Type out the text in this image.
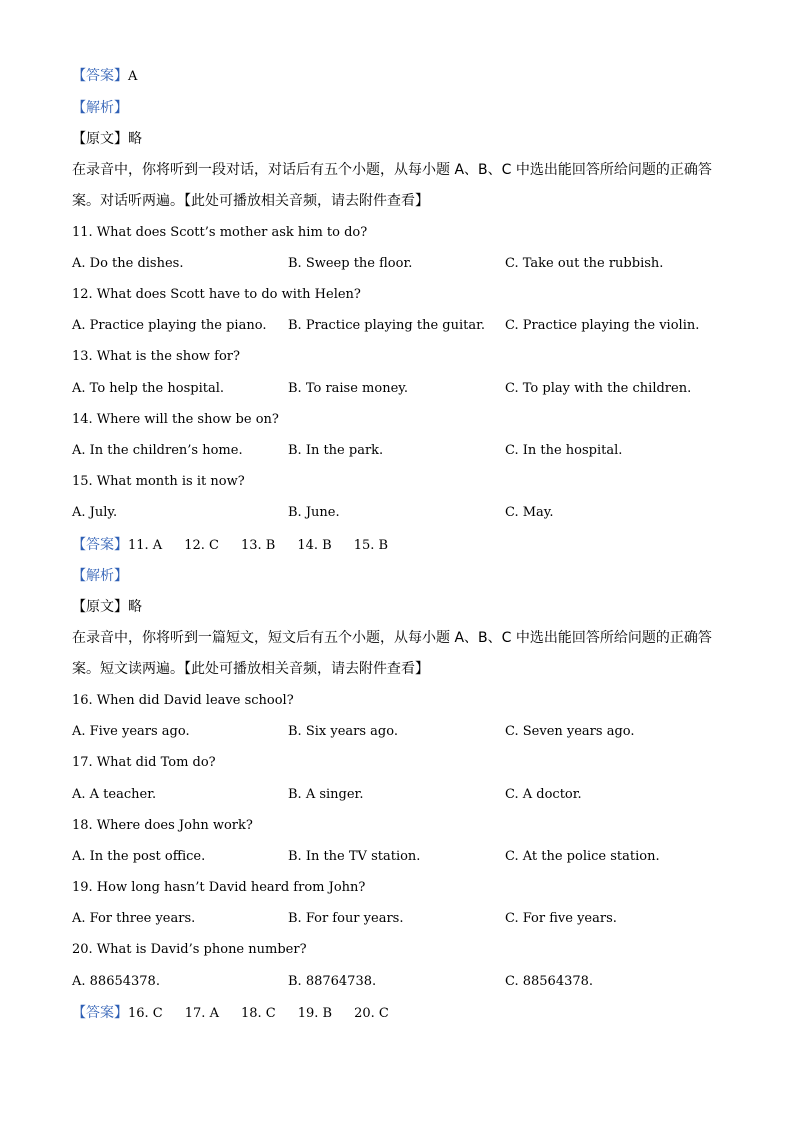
【答案】A
【解析】
【原文】略
在录音中，你将听到一段对话，对话后有五个小题，从每小题 A、B、C 中选出能回答所给问题的正确答
案。对话听两遍。【此处可播放相关音频，请去附件查看】
11. What does Scott’s mother ask him to do?
A. Do the dishes.	B. Sweep the floor.	C. Take out the rubbish.
12. What does Scott have to do with Helen?
A. Practice playing the piano. B. Practice playing the guitar. C. Practice playing the violin.
13. What is the show for?
A. To help the hospital.	B. To raise money.	C. To play with the children.
14. Where will the show be on?
A. In the children’s home.	B. In the park.	C. In the hospital.
15. What month is it now?
A. July.	B. June.	C. May.
【答案】11. A 12. C 13. B 14. B 15. B
【解析】
【原文】略
在录音中，你将听到一篇短文，短文后有五个小题，从每小题 A、B、C 中选出能回答所给问题的正确答
案。短文读两遍。【此处可播放相关音频，请去附件查看】
16. When did David leave school?
A. Five years ago.	B. Six years ago.	C. Seven years ago.
17. What did Tom do?
A. A teacher.	B. A singer.	C. A doctor.
18. Where does John work?
A. In the post office.	B. In the TV station.	C. At the police station.
19. How long hasn’t David heard from John?
A. For three years.	B. For four years.	C. For five years.
20. What is David’s phone number?
A. 88654378.	B. 88764738.	C. 88564378.
【答案】16. C 17. A 18. C 19. B 20. C
